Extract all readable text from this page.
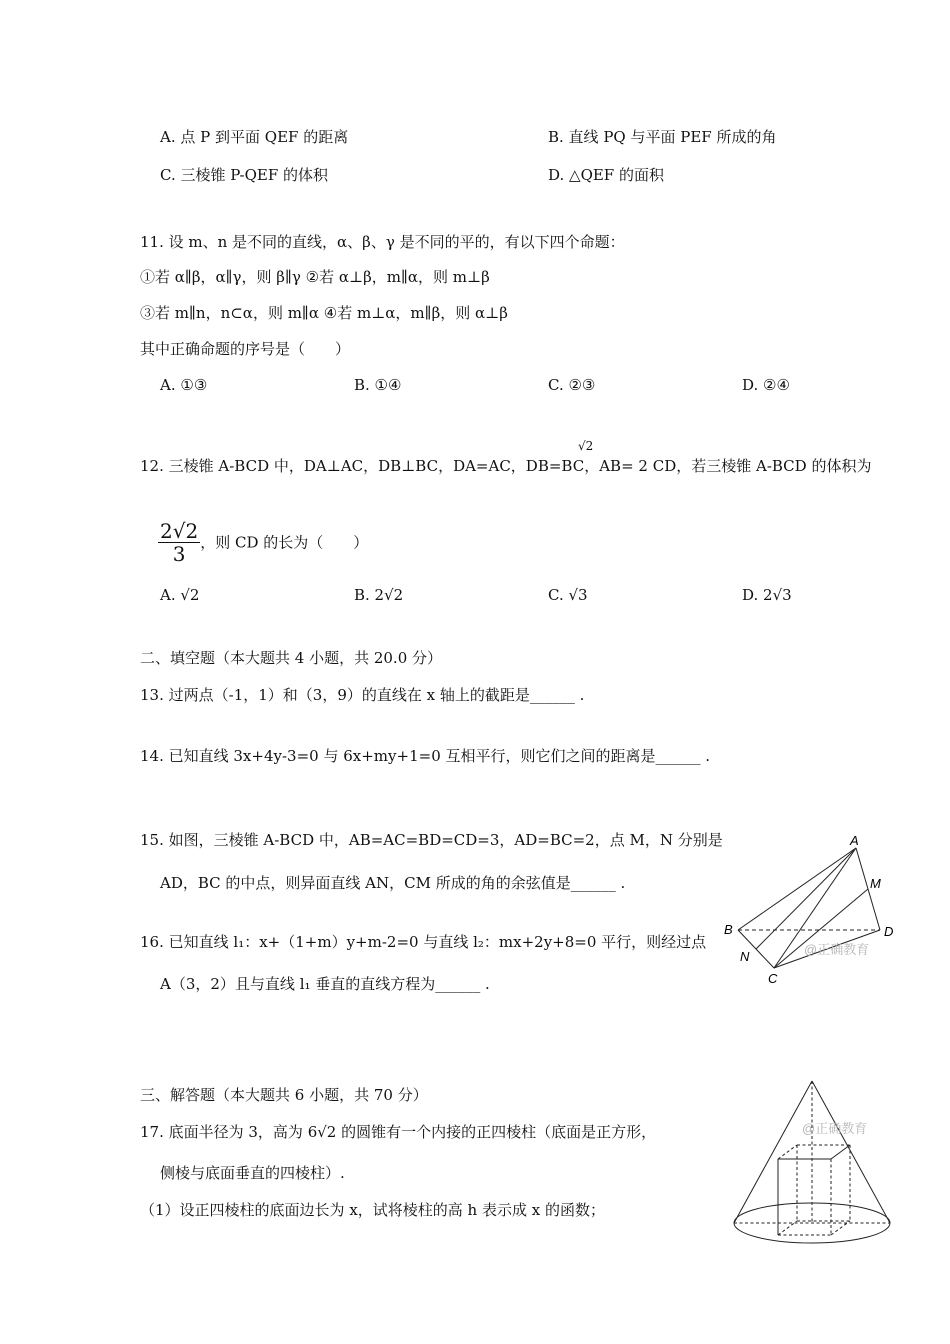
A. 点 P 到平面 QEF 的距离	B. 直线 PQ 与平面 PEF 所成的角
C. 三棱锥 P-QEF 的体积	D. △QEF 的面积
11. 设 m、n 是不同的直线，α、β、γ 是不同的平的，有以下四个命题：
①若 α∥β，α∥γ，则 β∥γ ②若 α⊥β，m∥α，则 m⊥β
③若 m∥n，n⊂α，则 m∥α ④若 m⊥α，m∥β，则 α⊥β
其中正确命题的序号是（　　）
A. ①③	B. ①④	C. ②③	D. ②④
√2
12. 三棱锥 A-BCD 中，DA⊥AC，DB⊥BC，DA=AC，DB=BC，AB= 2 CD，若三棱锥 A-BCD 的体积为
$\frac{2√2}{3}$ ，则 CD 的长为（　　）
A. √2	B. 2√2	C. √3	D. 2√3
二、填空题（本大题共 4 小题，共 20.0 分）
13. 过两点（-1，1）和（3，9）的直线在 x 轴上的截距是______ .
14. 已知直线 3x+4y-3=0 与 6x+my+1=0 互相平行，则它们之间的距离是______ .
15. 如图，三棱锥 A-BCD 中，AB=AC=BD=CD=3，AD=BC=2，点 M，N 分别是
AD，BC 的中点，则异面直线 AN，CM 所成的角的余弦值是______ .
16. 已知直线 l₁：x+（1+m）y+m-2=0 与直线 l₂：mx+2y+8=0 平行，则经过点
A（3，2）且与直线 l₁ 垂直的直线方程为______ .
A
B
C
D
M
N	@正确教育
三、解答题（本大题共 6 小题，共 70 分）
17. 底面半径为 3，高为 6√2 的圆锥有一个内接的正四棱柱（底面是正方形，
侧棱与底面垂直的四棱柱）.
（1）设正四棱柱的底面边长为 x，试将棱柱的高 h 表示成 x 的函数；
@正确教育
